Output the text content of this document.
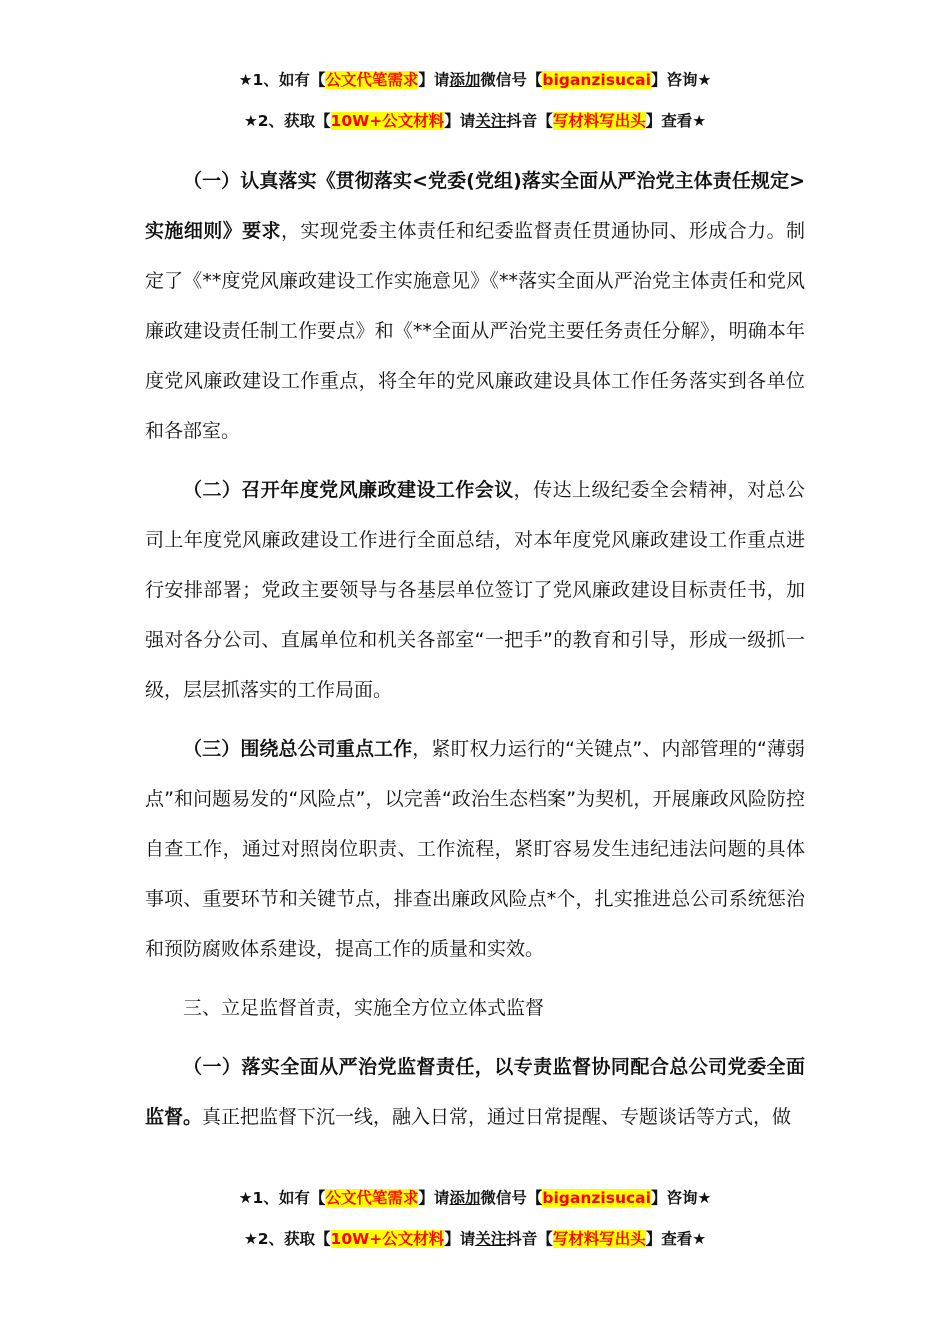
★1、如有【公文代笔需求】请添加微信号【biganzisucai】咨询★
★2、获取【10W+公文材料】请关注抖音【写材料写出头】查看★

（一）认真落实《贯彻落实<党委(党组)落实全面从严治党主体责任规定>实施细则》要求，实现党委主体责任和纪委监督责任贯通协同、形成合力。制定了《**度党风廉政建设工作实施意见》《**落实全面从严治党主体责任和党风廉政建设责任制工作要点》和《**全面从严治党主要任务责任分解》，明确本年度党风廉政建设工作重点，将全年的党风廉政建设具体工作任务落实到各单位和各部室。

（二）召开年度党风廉政建设工作会议，传达上级纪委全会精神，对总公司上年度党风廉政建设工作进行全面总结，对本年度党风廉政建设工作重点进行安排部署；党政主要领导与各基层单位签订了党风廉政建设目标责任书，加强对各分公司、直属单位和机关各部室“一把手”的教育和引导，形成一级抓一级，层层抓落实的工作局面。

（三）围绕总公司重点工作，紧盯权力运行的“关键点”、内部管理的“薄弱点”和问题易发的“风险点”，以完善“政治生态档案”为契机，开展廉政风险防控自查工作，通过对照岗位职责、工作流程，紧盯容易发生违纪违法问题的具体事项、重要环节和关键节点，排查出廉政风险点*个，扎实推进总公司系统惩治和预防腐败体系建设，提高工作的质量和实效。

三、立足监督首责，实施全方位立体式监督

（一）落实全面从严治党监督责任，以专责监督协同配合总公司党委全面监督。真正把监督下沉一线，融入日常，通过日常提醒、专题谈话等方式，做

★1、如有【公文代笔需求】请添加微信号【biganzisucai】咨询★
★2、获取【10W+公文材料】请关注抖音【写材料写出头】查看★
